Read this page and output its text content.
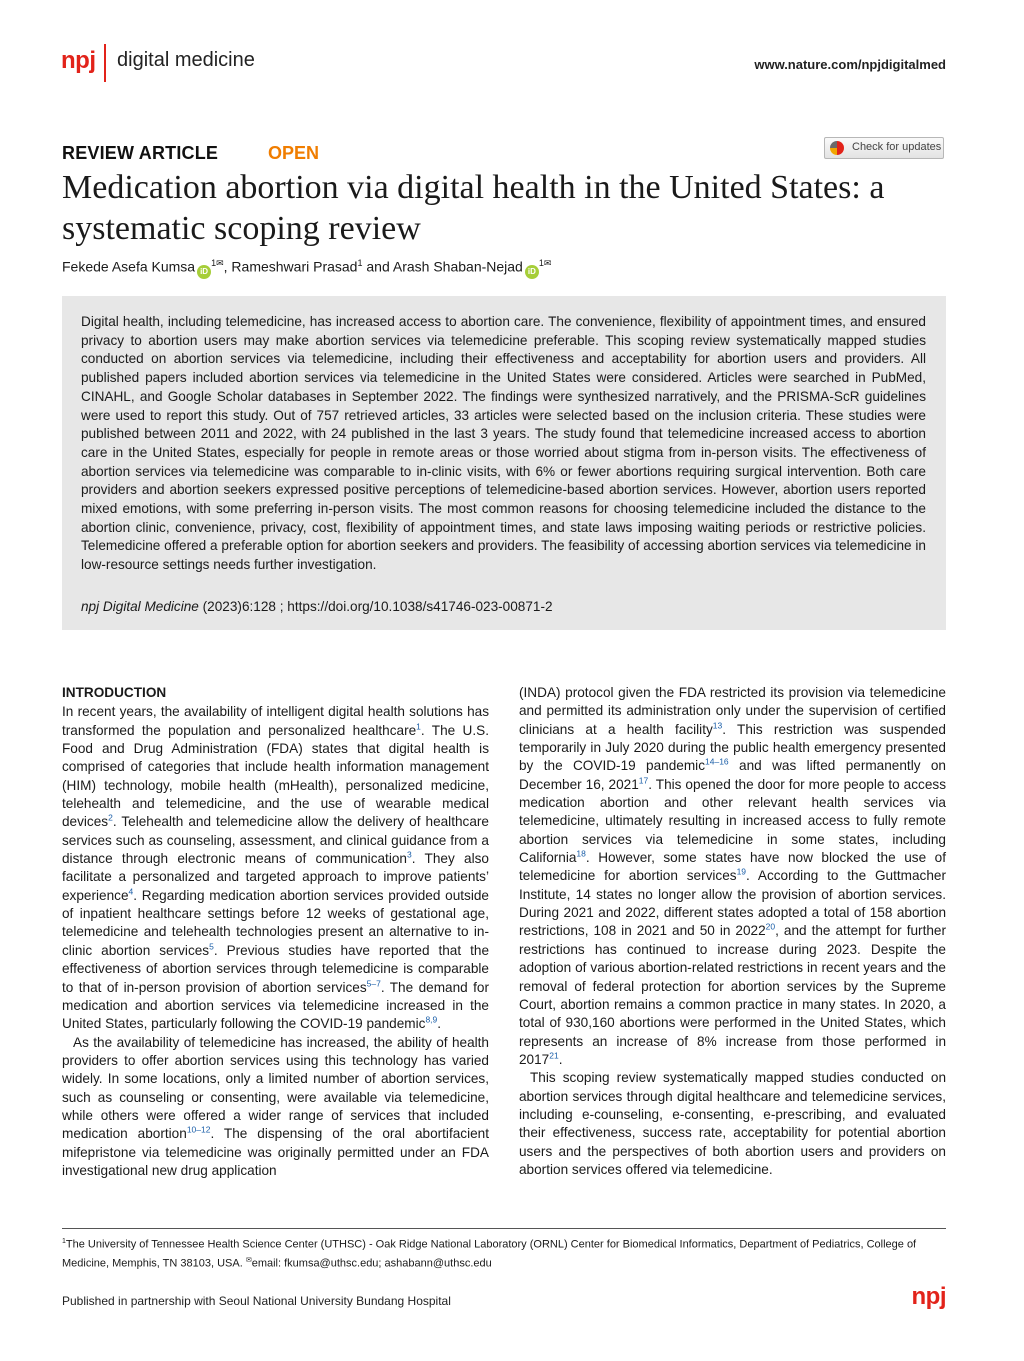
npj digital medicine	www.nature.com/npjdigitalmed
REVIEW ARTICLE	OPEN	Check for updates
Medication abortion via digital health in the United States: a systematic scoping review
Fekede Asefa Kumsa $iD^{1✉}$, Rameshwari Prasad$^1$ and Arash Shaban-Nejad $iD^{1✉}$
Digital health, including telemedicine, has increased access to abortion care. The convenience, flexibility of appointment times, and ensured privacy to abortion users may make abortion services via telemedicine preferable. This scoping review systematically mapped studies conducted on abortion services via telemedicine, including their effectiveness and acceptability for abortion users and providers. All published papers included abortion services via telemedicine in the United States were considered. Articles were searched in PubMed, CINAHL, and Google Scholar databases in September 2022. The findings were synthesized narratively, and the PRISMA-ScR guidelines were used to report this study. Out of 757 retrieved articles, 33 articles were selected based on the inclusion criteria. These studies were published between 2011 and 2022, with 24 published in the last 3 years. The study found that telemedicine increased access to abortion care in the United States, especially for people in remote areas or those worried about stigma from in-person visits. The effectiveness of abortion services via telemedicine was comparable to in-clinic visits, with 6% or fewer abortions requiring surgical intervention. Both care providers and abortion seekers expressed positive perceptions of telemedicine-based abortion services. However, abortion users reported mixed emotions, with some preferring in-person visits. The most common reasons for choosing telemedicine included the distance to the abortion clinic, convenience, privacy, cost, flexibility of appointment times, and state laws imposing waiting periods or restrictive policies. Telemedicine offered a preferable option for abortion seekers and providers. The feasibility of accessing abortion services via telemedicine in low-resource settings needs further investigation.
npj Digital Medicine (2023)6:128 ; https://doi.org/10.1038/s41746-023-00871-2
INTRODUCTION

In recent years, the availability of intelligent digital health solutions has transformed the population and personalized healthcare$^1$. The U.S. Food and Drug Administration (FDA) states that digital health is comprised of categories that include health information management (HIM) technology, mobile health (mHealth), personalized medicine, telehealth and telemedicine, and the use of wearable medical devices$^2$. Telehealth and telemedicine allow the delivery of healthcare services such as counseling, assessment, and clinical guidance from a distance through electronic means of communication$^3$. They also facilitate a personalized and targeted approach to improve patients’ experience$^4$. Regarding medication abortion services provided outside of inpatient healthcare settings before 12 weeks of gestational age, telemedicine and telehealth technologies present an alternative to in-clinic abortion services$^5$. Previous studies have reported that the effectiveness of abortion services through telemedicine is comparable to that of in-person provision of abortion services$^{5-7}$. The demand for medication and abortion services via telemedicine increased in the United States, particularly following the COVID-19 pandemic$^{8,9}$.

As the availability of telemedicine has increased, the ability of health providers to offer abortion services using this technology has varied widely. In some locations, only a limited number of abortion services, such as counseling or consenting, were available via telemedicine, while others were offered a wider range of services that included medication abortion$^{10-12}$. The dispensing of the oral abortifacient mifepristone via telemedicine was originally permitted under an FDA investigational new drug application

(INDA) protocol given the FDA restricted its provision via telemedicine and permitted its administration only under the supervision of certified clinicians at a health facility$^{13}$. This restriction was suspended temporarily in July 2020 during the public health emergency presented by the COVID-19 pandemic$^{14-16}$ and was lifted permanently on December 16, 2021$^{17}$. This opened the door for more people to access medication abortion and other relevant health services via telemedicine, ultimately resulting in increased access to fully remote abortion services via telemedicine in some states, including California$^{18}$. However, some states have now blocked the use of telemedicine for abortion services$^{19}$. According to the Guttmacher Institute, 14 states no longer allow the provision of abortion services. During 2021 and 2022, different states adopted a total of 158 abortion restrictions, 108 in 2021 and 50 in 2022$^{20}$, and the attempt for further restrictions has continued to increase during 2023. Despite the adoption of various abortion-related restrictions in recent years and the removal of federal protection for abortion services by the Supreme Court, abortion remains a common practice in many states. In 2020, a total of 930,160 abortions were performed in the United States, which represents an increase of 8% increase from those performed in 2017$^{21}$.

This scoping review systematically mapped studies conducted on abortion services through digital healthcare and telemedicine services, including e-counseling, e-consenting, e-prescribing, and evaluated their effectiveness, success rate, acceptability for potential abortion users and the perspectives of both abortion users and providers on abortion services offered via telemedicine.

$^1$The University of Tennessee Health Science Center (UTHSC) - Oak Ridge National Laboratory (ORNL) Center for Biomedical Informatics, Department of Pediatrics, College of Medicine, Memphis, TN 38103, USA. ✉email: fkumsa@uthsc.edu; ashabann@uthsc.edu
Published in partnership with Seoul National University Bundang Hospital	npj
